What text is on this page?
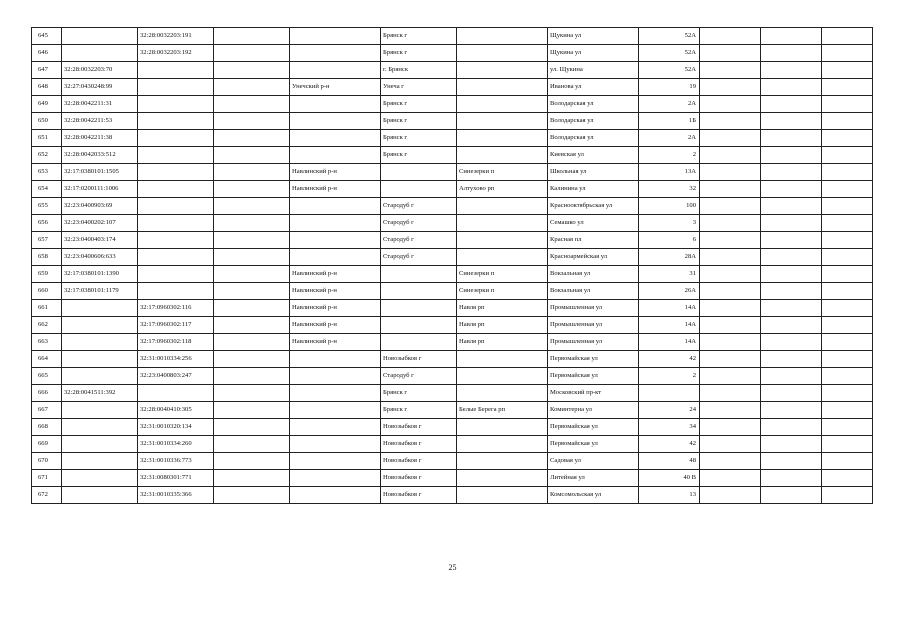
645		32:28:0032203:191			Брянск г		Щукина ул	52А			
646		32:28:0032203:192			Брянск г		Щукина ул	52А			
647	32:28:0032203:70				г. Брянск		ул. Щукина	52А			
648	32:27:0430248:99			Унечский р-н	Унеча г		Иванова ул	19			
649	32:28:0042211:31				Брянск г		Володарская ул	2А			
650	32:28:0042211:53				Брянск г		Володарская ул	1Б			
651	32:28:0042211:38				Брянск г		Володарская ул	2А			
652	32:28:0042033:512				Брянск г		Киевская ул	2			
653	32:17:0380101:1505			Навлинский р-н		Синезерки п	Школьная ул	13А			
654	32:17:0200111:1006			Навлинский р-н		Алтухово рп	Калинина ул	32			
655	32:23:0400903:69				Стародуб г		Краснооктябрьская ул	100			
656	32:23:0400202:107				Стародуб г		Семашко ул	3			
657	32:23:0400403:174				Стародуб г		Красная пл	6			
658	32:23:0400606:633				Стародуб г		Красноармейская ул	28А			
659	32:17:0380101:1390			Навлинский р-н		Синезерки п	Вокзальная ул	31			
660	32:17:0380101:1179			Навлинский р-н		Синезерки п	Вокзальная ул	26А			
661		32:17:0960302:116		Навлинский р-н		Навля рп	Промышленная ул	14А			
662		32:17:0960302:117		Навлинский р-н		Навля рп	Промышленная ул	14А			
663		32:17:0960302:118		Навлинский р-н		Навля рп	Промышленная ул	14А			
664		32:31:0010334:256			Новозыбков г		Первомайская ул	42			
665		32:23:0400803:247			Стародуб г		Первомайская ул	2			
666	32:28:0041511:392				Брянск г		Московский пр-кт				
667		32:28:0040410:305			Брянск г	Белые Берега рп	Коминтерна ул	24			
668		32:31:0010320:134			Новозыбков г		Первомайская ул	34			
669		32:31:0010334:260			Новозыбков г		Первомайская ул	42			
670		32:31:0010336:773			Новозыбков г		Садовая ул	48			
671		32:31:0080301:771			Новозыбков г		Литейная ул	40 В			
672		32:31:0010335:366			Новозыбков г		Комсомольская ул	13			
25
